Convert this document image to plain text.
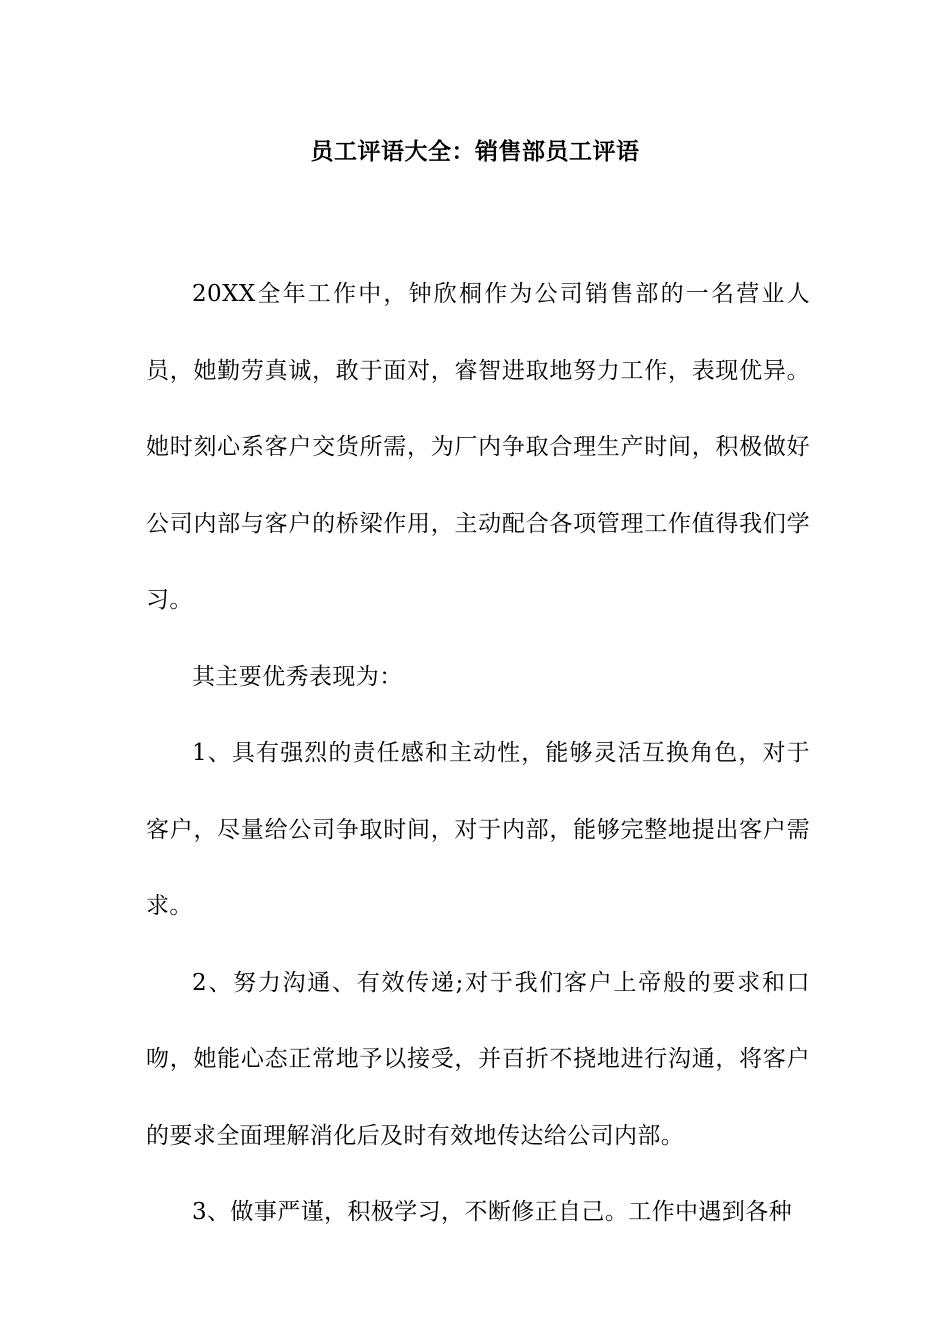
员工评语大全：销售部员工评语

20XX全年工作中，钟欣桐作为公司销售部的一名营业人员，她勤劳真诚，敢于面对，睿智进取地努力工作，表现优异。她时刻心系客户交货所需，为厂内争取合理生产时间，积极做好公司内部与客户的桥梁作用，主动配合各项管理工作值得我们学习。

其主要优秀表现为：

1、具有强烈的责任感和主动性，能够灵活互换角色，对于客户，尽量给公司争取时间，对于内部，能够完整地提出客户需求。

2、努力沟通、有效传递;对于我们客户上帝般的要求和口吻，她能心态正常地予以接受，并百折不挠地进行沟通，将客户的要求全面理解消化后及时有效地传达给公司内部。

3、做事严谨，积极学习，不断修正自己。工作中遇到各种
